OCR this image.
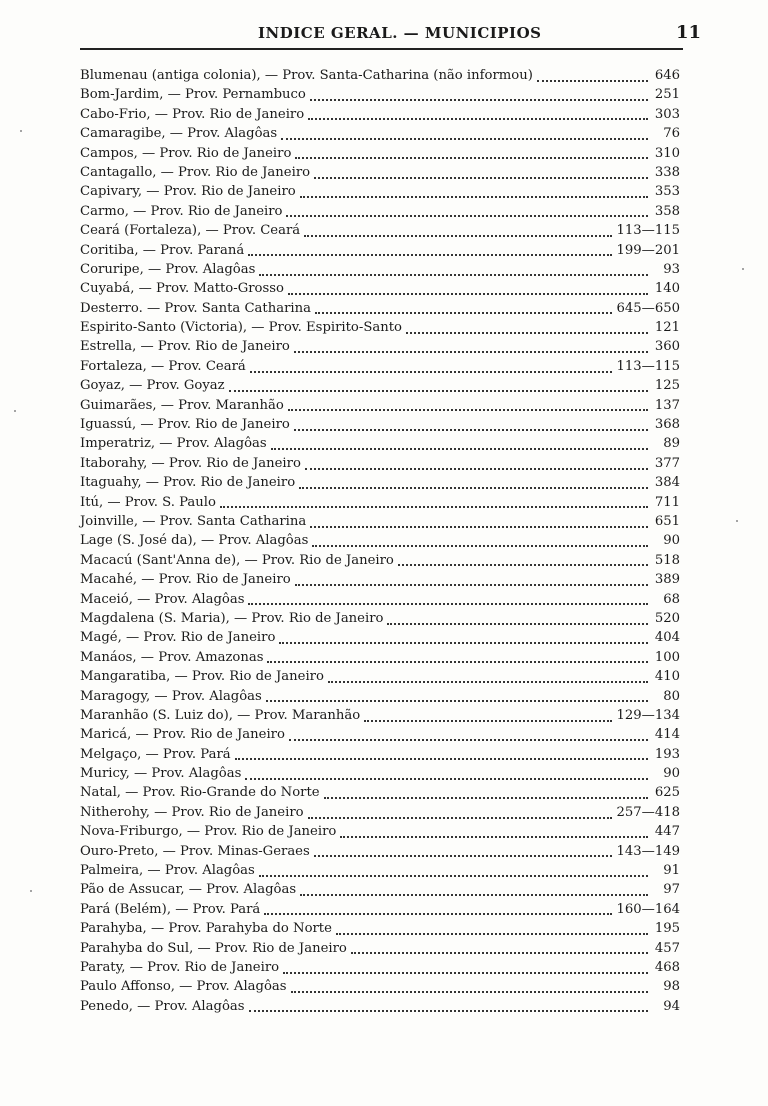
INDICE GERAL. — MUNICIPIOS	11
Blumenau (antiga colonia), — Prov. Santa-Catharina (não informou)	646
Bom-Jardim, — Prov. Pernambuco	251
Cabo-Frio, — Prov. Rio de Janeiro	303
Camaragibe, — Prov. Alagôas	76
Campos, — Prov. Rio de Janeiro	310
Cantagallo, — Prov. Rio de Janeiro	338
Capivary, — Prov. Rio de Janeiro	353
Carmo, — Prov. Rio de Janeiro	358
Ceará (Fortaleza), — Prov. Ceará	113—115
Coritiba, — Prov. Paraná	199—201
Coruripe, — Prov. Alagôas	93
Cuyabá, — Prov. Matto-Grosso	140
Desterro. — Prov. Santa Catharina	645—650
Espirito-Santo (Victoria), — Prov. Espirito-Santo	121
Estrella, — Prov. Rio de Janeiro	360
Fortaleza, — Prov. Ceará	113—115
Goyaz, — Prov. Goyaz	125
Guimarães, — Prov. Maranhão	137
Iguassú, — Prov. Rio de Janeiro	368
Imperatriz, — Prov. Alagôas	89
Itaborahy, — Prov. Rio de Janeiro	377
Itaguahy, — Prov. Rio de Janeiro	384
Itú, — Prov. S. Paulo	711
Joinville, — Prov. Santa Catharina	651
Lage (S. José da), — Prov. Alagôas	90
Macacú (Sant'Anna de), — Prov. Rio de Janeiro	518
Macahé, — Prov. Rio de Janeiro	389
Maceió, — Prov. Alagôas	68
Magdalena (S. Maria), — Prov. Rio de Janeiro	520
Magé, — Prov. Rio de Janeiro	404
Manáos, — Prov. Amazonas	100
Mangaratiba, — Prov. Rio de Janeiro	410
Maragogy, — Prov. Alagôas	80
Maranhão (S. Luiz do), — Prov. Maranhão	129—134
Maricá, — Prov. Rio de Janeiro	414
Melgaço, — Prov. Pará	193
Muricy, — Prov. Alagôas	90
Natal, — Prov. Rio-Grande do Norte	625
Nitherohy, — Prov. Rio de Janeiro	257—418
Nova-Friburgo, — Prov. Rio de Janeiro	447
Ouro-Preto, — Prov. Minas-Geraes	143—149
Palmeira, — Prov. Alagôas	91
Pão de Assucar, — Prov. Alagôas	97
Pará (Belém), — Prov. Pará	160—164
Parahyba, — Prov. Parahyba do Norte	195
Parahyba do Sul, — Prov. Rio de Janeiro	457
Paraty, — Prov. Rio de Janeiro	468
Paulo Affonso, — Prov. Alagôas	98
Penedo, — Prov. Alagôas	94
